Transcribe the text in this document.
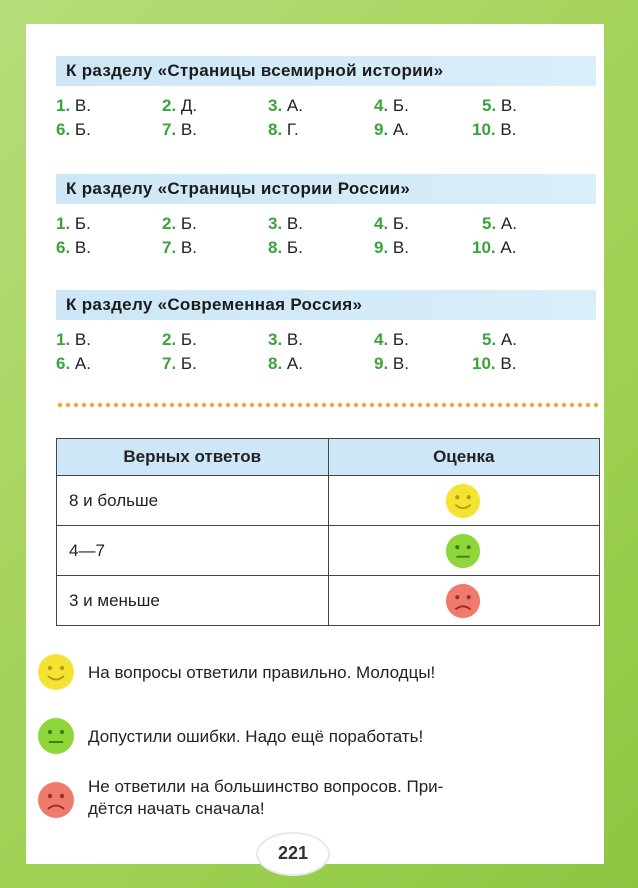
К разделу «Страницы всемирной истории»
1. В.	2. Д.	3. А.	4. Б.	5. В.
6. Б.	7. В.	8. Г.	9. А.	10. В.
К разделу «Страницы истории России»
1. Б.	2. Б.	3. В.	4. Б.	5. А.
6. В.	7. В.	8. Б.	9. В.	10. А.
К разделу «Современная Россия»
1. В.	2. Б.	3. В.	4. Б.	5. А.
6. А.	7. Б.	8. А.	9. В.	10. В.
Верных ответов	Оценка
8 и больше	
4—7	
3 и меньше	
На вопросы ответили правильно. Молодцы!
Допустили ошибки. Надо ещё поработать!
Не ответили на большинство вопросов. При-
дётся начать сначала!
221
